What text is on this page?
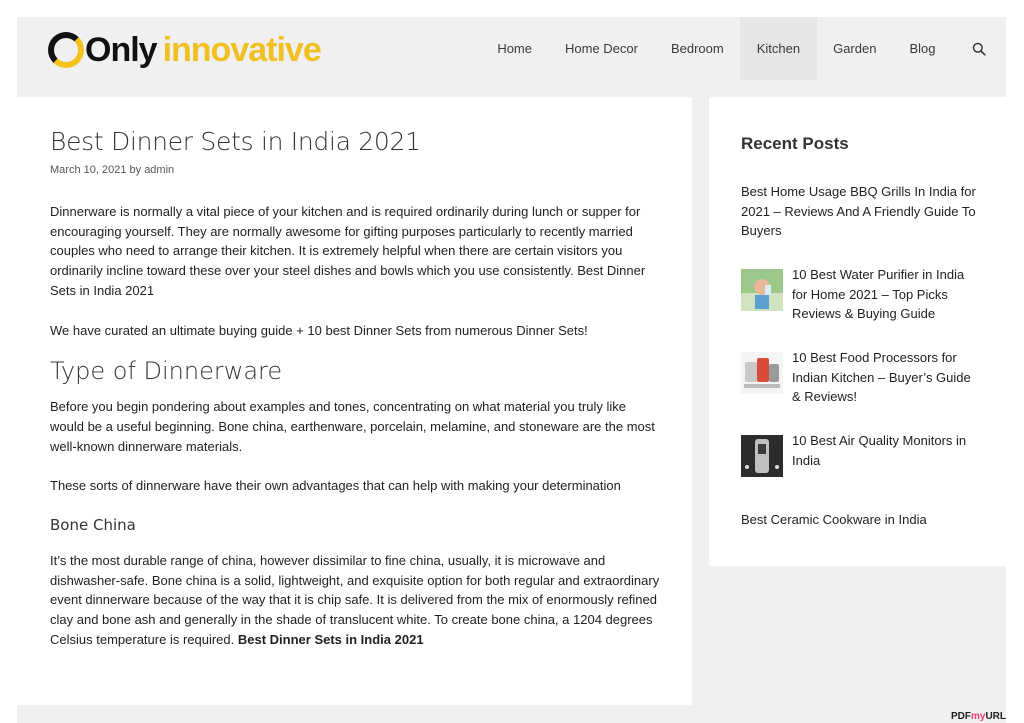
Only innovative	Home	Home Decor	Bedroom	Kitchen	Garden	Blog
Best Dinner Sets in India 2021
March 10, 2021 by admin

Dinnerware is normally a vital piece of your kitchen and is required ordinarily during lunch or supper for encouraging yourself. They are normally awesome for gifting purposes particularly to recently married couples who need to arrange their kitchen. It is extremely helpful when there are certain visitors you ordinarily incline toward these over your steel dishes and bowls which you use consistently. Best Dinner Sets in India 2021

We have curated an ultimate buying guide + 10 best Dinner Sets from numerous Dinner Sets!

Type of Dinnerware

Before you begin pondering about examples and tones, concentrating on what material you truly like would be a useful beginning. Bone china, earthenware, porcelain, melamine, and stoneware are the most well-known dinnerware materials.

These sorts of dinnerware have their own advantages that can help with making your determination

Bone China

It’s the most durable range of china, however dissimilar to fine china, usually, it is microwave and dishwasher-safe. Bone china is a solid, lightweight, and exquisite option for both regular and extraordinary event dinnerware because of the way that it is chip safe. It is delivered from the mix of enormously refined clay and bone ash and generally in the shade of translucent white. To create bone china, a 1204 degrees Celsius temperature is required. Best Dinner Sets in India 2021

Recent Posts
Best Home Usage BBQ Grills In India for 2021 – Reviews And A Friendly Guide To Buyers
10 Best Water Purifier in India for Home 2021 – Top Picks Reviews & Buying Guide
10 Best Food Processors for Indian Kitchen – Buyer’s Guide & Reviews!
10 Best Air Quality Monitors in India
Best Ceramic Cookware in India
PDFmyURL
